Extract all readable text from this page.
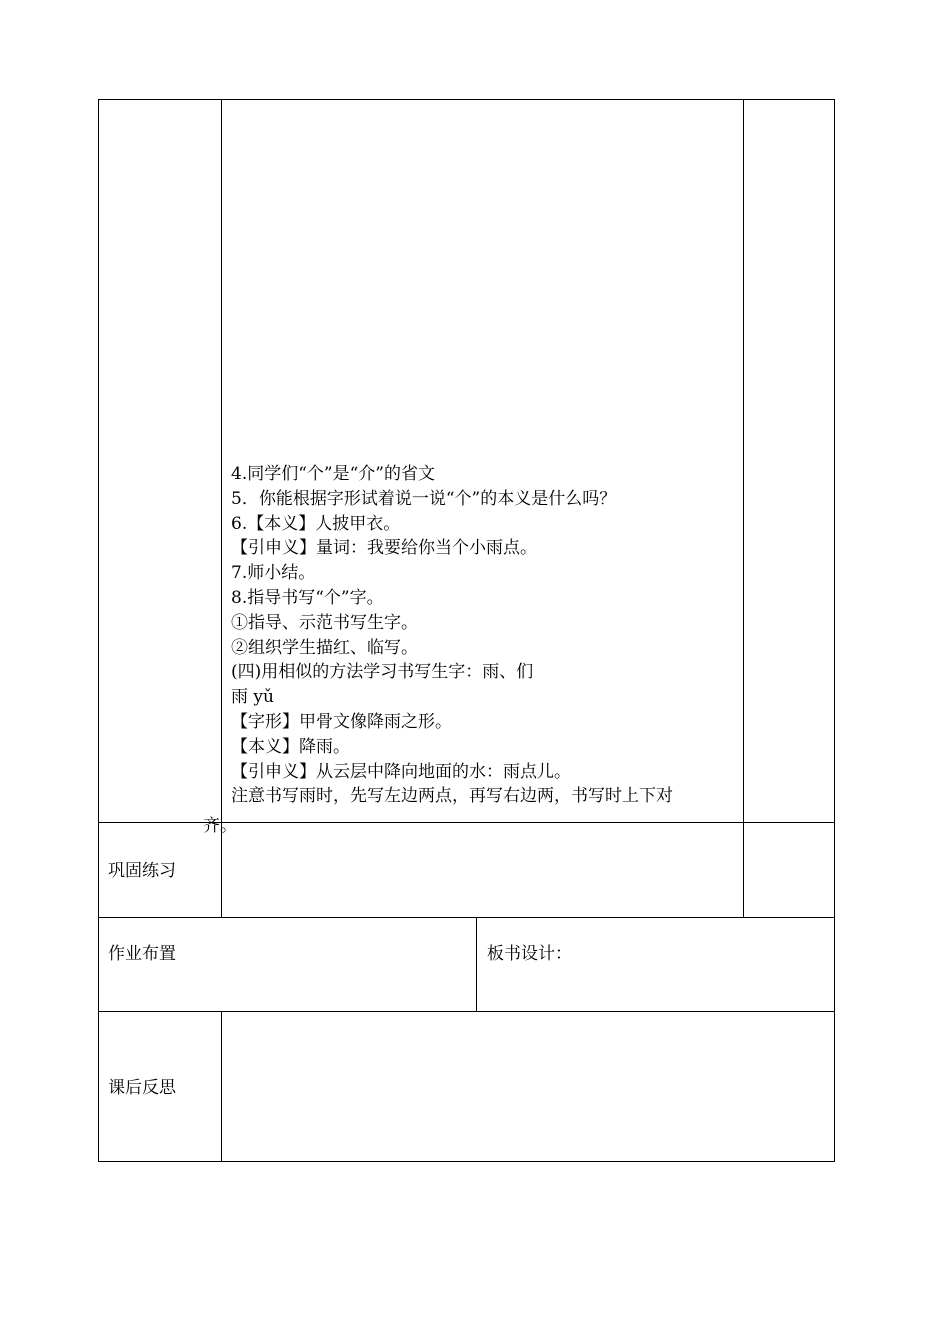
4.同学们“个”是“介”的省文
5．你能根据字形试着说一说“个”的本义是什么吗？
6.【本义】人披甲衣。
【引申义】量词：我要给你当个小雨点。
7.师小结。
8.指导书写“个”字。
①指导、示范书写生字。
②组织学生描红、临写。
(四)用相似的方法学习书写生字：雨、们
雨 yǔ
【字形】甲骨文像降雨之形。
【本义】降雨。
【引申义】从云层中降向地面的水：雨点儿。
注意书写雨时，先写左边两点，再写右边两，书写时上下对
齐。
巩固练习
作业布置	板书设计：
课后反思
